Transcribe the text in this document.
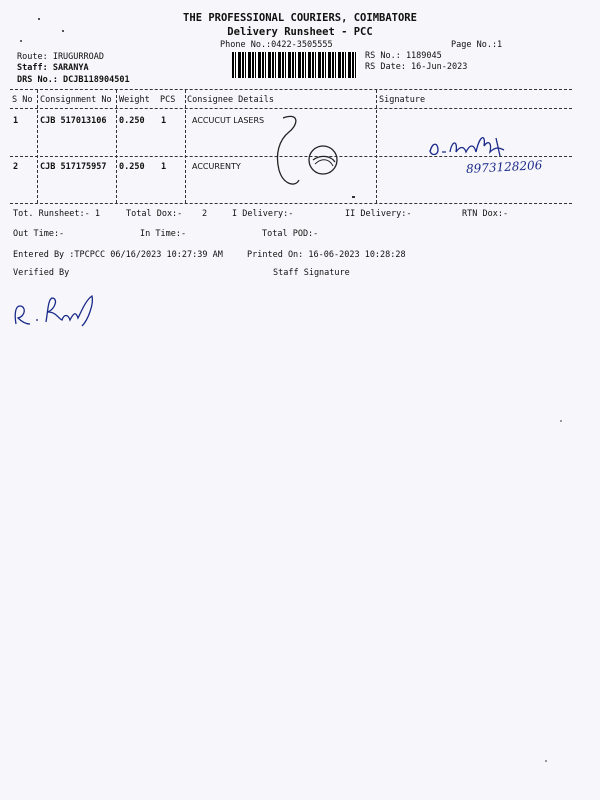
THE PROFESSIONAL COURIERS, COIMBATORE
Delivery Runsheet - PCC
Phone No.:0422-3505555	Page No.:1
Route: IRUGURROAD
Staff: SARANYA
DRS No.: DCJB118904501
RS No.: 1189045
RS Date: 16-Jun-2023
S No Consignment No Weight PCS Consignee Details	Signature
1	CJB 517013106 0.250 1	ACCUCUT LASERS
2	CJB 517175957 0.250 1	ACCURENTY	8973128206
Tot. Runsheet:- 1	Total Dox:- 2	I Delivery:-	II Delivery:-	RTN Dox:-
Out Time:-	In Time:-	Total POD:-
Entered By :TPCPCC 06/16/2023 10:27:39 AM	Printed On: 16-06-2023 10:28:28
Verified By	Staff Signature
